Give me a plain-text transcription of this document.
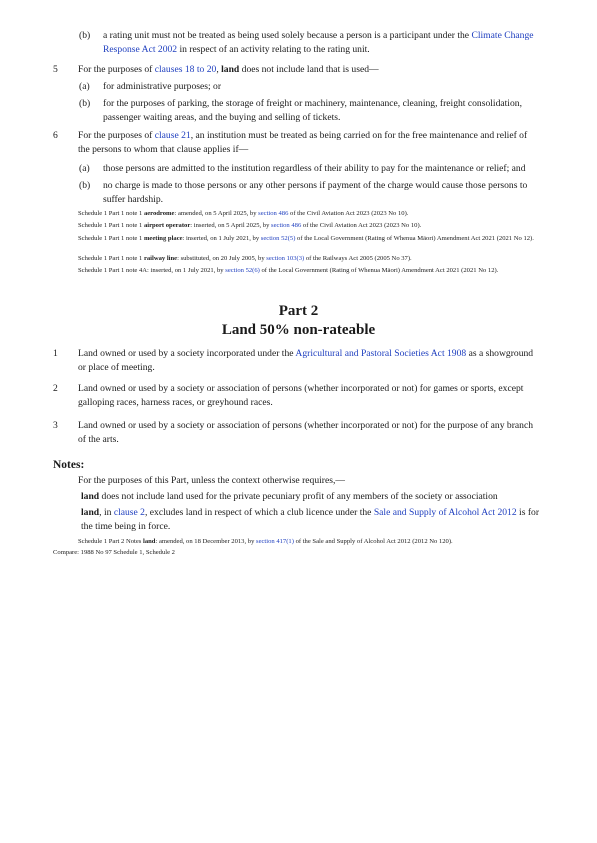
(b) a rating unit must not be treated as being used solely because a person is a participant under the Climate Change Response Act 2002 in respect of an activity relating to the rating unit.
5 For the purposes of clauses 18 to 20, land does not include land that is used—
(a) for administrative purposes; or
(b) for the purposes of parking, the storage of freight or machinery, maintenance, cleaning, freight consolidation, passenger waiting areas, and the buying and selling of tickets.
6 For the purposes of clause 21, an institution must be treated as being carried on for the free maintenance and relief of the persons to whom that clause applies if—
(a) those persons are admitted to the institution regardless of their ability to pay for the maintenance or relief; and
(b) no charge is made to those persons or any other persons if payment of the charge would cause those persons to suffer hardship.
Schedule 1 Part 1 note 1 aerodrome: amended, on 5 April 2025, by section 486 of the Civil Aviation Act 2023 (2023 No 10).
Schedule 1 Part 1 note 1 airport operator: inserted, on 5 April 2025, by section 486 of the Civil Aviation Act 2023 (2023 No 10).
Schedule 1 Part 1 note 1 meeting place: inserted, on 1 July 2021, by section 52(5) of the Local Government (Rating of Whenua Māori) Amendment Act 2021 (2021 No 12).
Schedule 1 Part 1 note 1 railway line: substituted, on 20 July 2005, by section 103(3) of the Railways Act 2005 (2005 No 37).
Schedule 1 Part 1 note 4A: inserted, on 1 July 2021, by section 52(6) of the Local Government (Rating of Whenua Māori) Amendment Act 2021 (2021 No 12).
Part 2
Land 50% non-rateable
1 Land owned or used by a society incorporated under the Agricultural and Pastoral Societies Act 1908 as a showground or place of meeting.
2 Land owned or used by a society or association of persons (whether incorporated or not) for games or sports, except galloping races, harness races, or greyhound races.
3 Land owned or used by a society or association of persons (whether incorporated or not) for the purpose of any branch of the arts.
Notes:
For the purposes of this Part, unless the context otherwise requires,—
land does not include land used for the private pecuniary profit of any members of the society or association
land, in clause 2, excludes land in respect of which a club licence under the Sale and Supply of Alcohol Act 2012 is for the time being in force.
Schedule 1 Part 2 Notes land: amended, on 18 December 2013, by section 417(1) of the Sale and Supply of Alcohol Act 2012 (2012 No 120).
Compare: 1988 No 97 Schedule 1, Schedule 2
